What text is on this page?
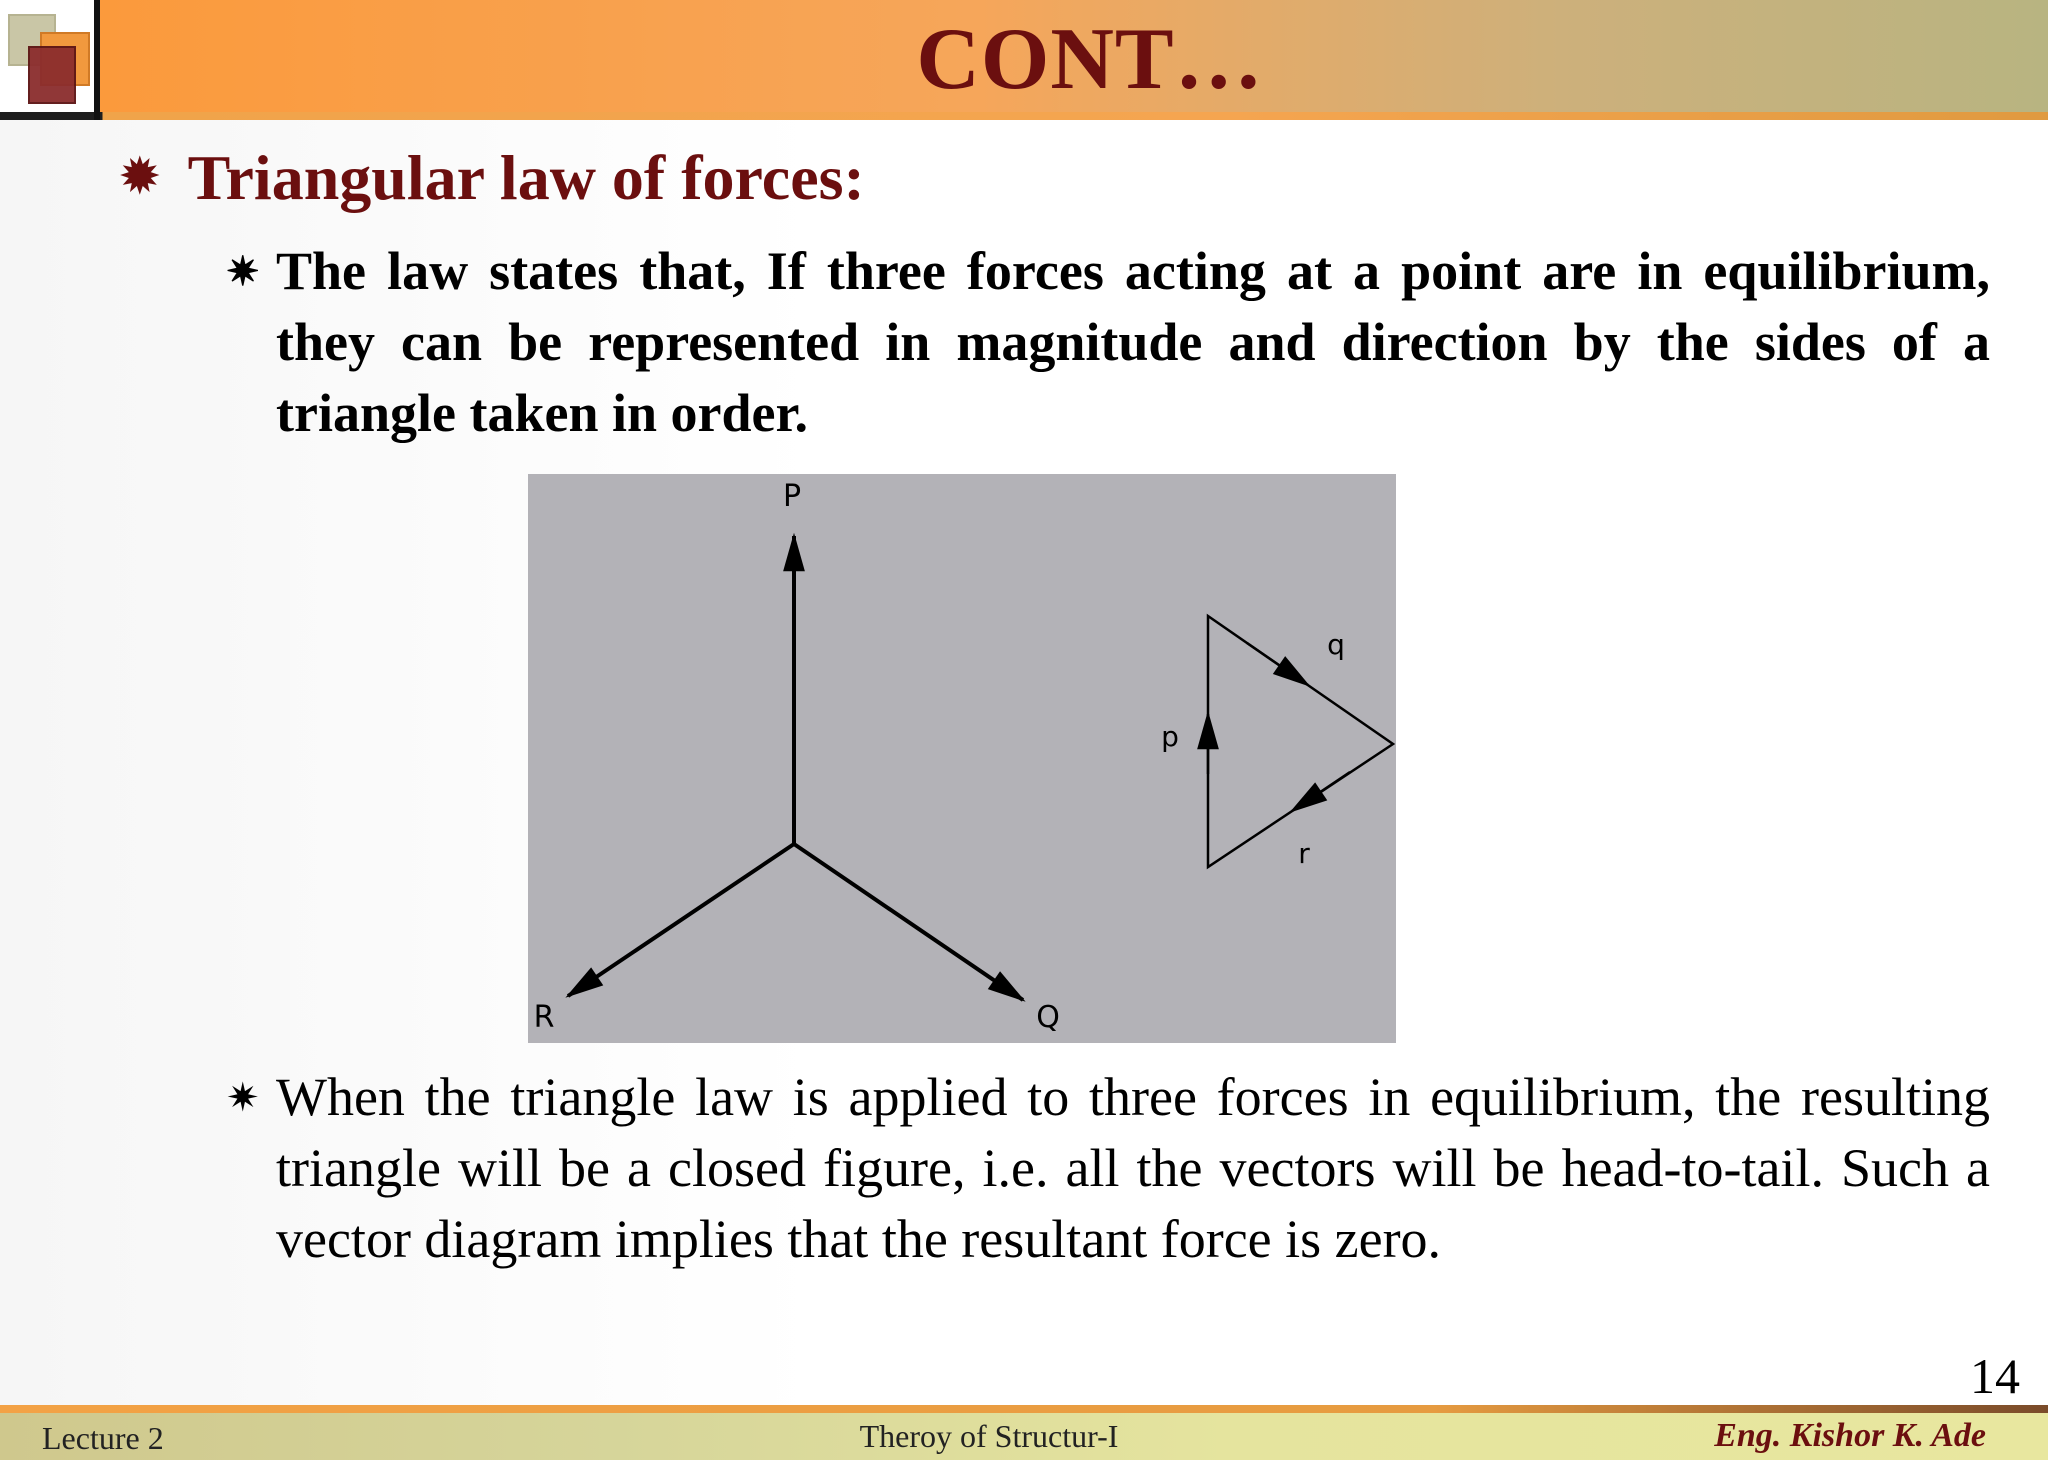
CONT…
✹ Triangular law of forces:
✷ The law states that, If three forces acting at a point are in equilibrium, they can be represented in magnitude and direction by the sides of a triangle taken in order.
P
Q
R
p
q
r
✷ When the triangle law is applied to three forces in equilibrium, the resulting triangle will be a closed figure, i.e. all the vectors will be head-to-tail. Such a vector diagram implies that the resultant force is zero.
14
Lecture 2	Theroy of Structur-I	Eng. Kishor K. Ade
